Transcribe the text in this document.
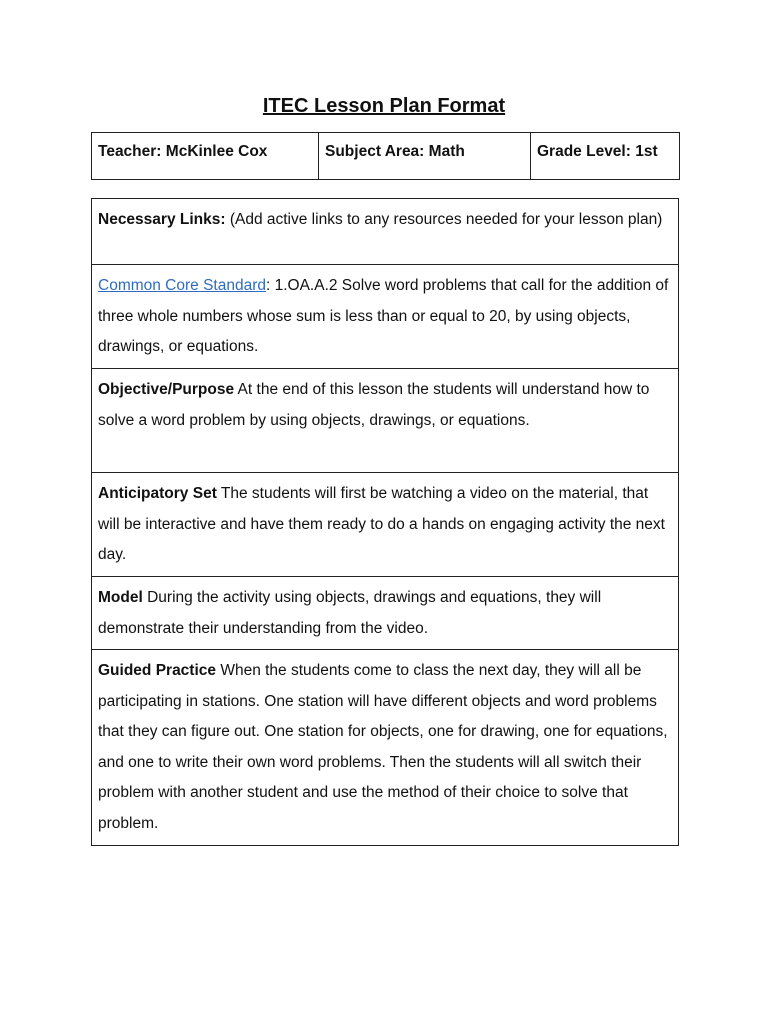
ITEC Lesson Plan Format
Teacher: McKinlee Cox	Subject Area: Math	Grade Level: 1st
Necessary Links: (Add active links to any resources needed for your lesson plan)
Common Core Standard: 1.OA.A.2 Solve word problems that call for the addition of three whole numbers whose sum is less than or equal to 20, by using objects, drawings, or equations.
Objective/Purpose At the end of this lesson the students will understand how to solve a word problem by using objects, drawings, or equations.
Anticipatory Set The students will first be watching a video on the material, that will be interactive and have them ready to do a hands on engaging activity the next day.
Model During the activity using objects, drawings and equations, they will demonstrate their understanding from the video.
Guided Practice When the students come to class the next day, they will all be participating in stations. One station will have different objects and word problems that they can figure out. One station for objects, one for drawing, one for equations, and one to write their own word problems. Then the students will all switch their problem with another student and use the method of their choice to solve that problem.
